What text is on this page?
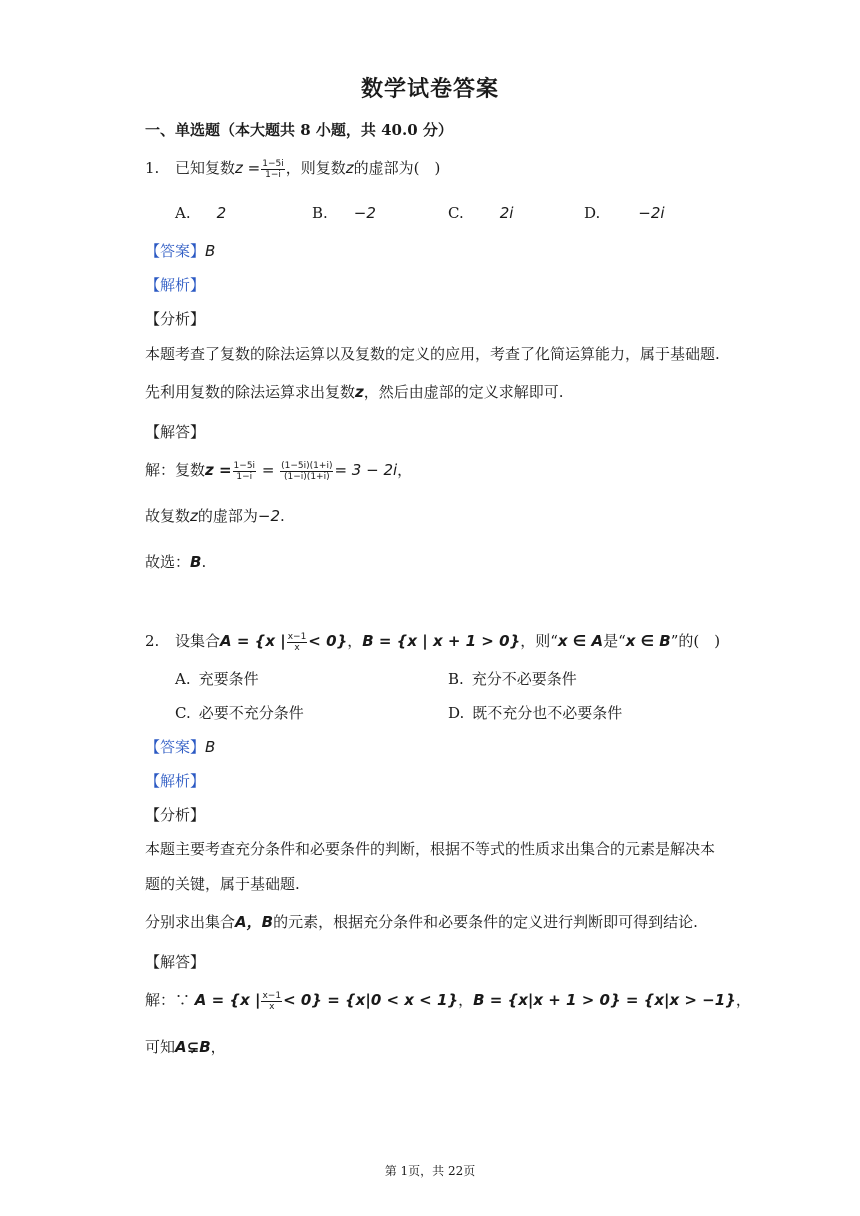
数学试卷答案
一、单选题（本大题共 8 小题，共 40.0 分）
1. 已知复数$z = \frac{1-5i}{1-i}$ ，则复数z的虚部为(　)
A. 2	B. −2	C. 2i	D.	−2i
【答案】B
【解析】
【分析】
本题考查了复数的除法运算以及复数的定义的应用，考查了化简运算能力，属于基础题.
先利用复数的除法运算求出复数z，然后由虚部的定义求解即可.
【解答】
解：复数$z = \frac{1-5i}{1-i} = \frac{(1-5i)(1+i)}{(1-i)(1+i)} = 3 - 2i$，
故复数z的虚部为−2.
故选：B.
2. 设集合A = {x | $\frac{x-1}{x} < 0$}，B = {x | x + 1 > 0}，则“x ∈ A是“x ∈ B”的(　)
A. 充要条件	B. 充分不必要条件
C. 必要不充分条件	D. 既不充分也不必要条件
【答案】B
【解析】
【分析】
本题主要考查充分条件和必要条件的判断，根据不等式的性质求出集合的元素是解决本
题的关键，属于基础题.
分别求出集合A，B的元素，根据充分条件和必要条件的定义进行判断即可得到结论.
【解答】
解：∵ A = {x | $\frac{x-1}{x} < 0\} = \{x|0 < x < 1\}$，B = {x|x + 1 > 0} = {x|x > −1}，
可知A⊊B，
第 1页，共 22页
